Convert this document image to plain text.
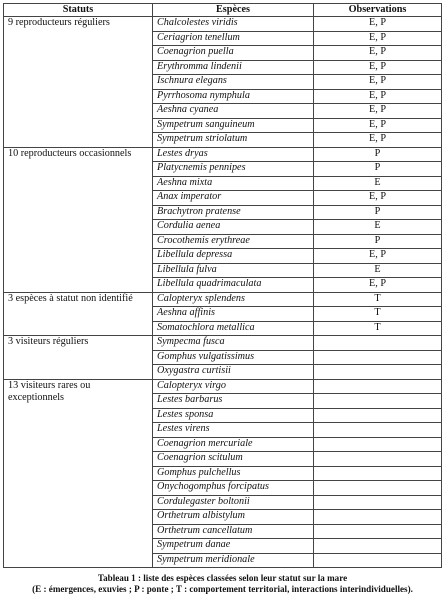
Statuts	Espèces	Observations
9 reproducteurs réguliers	Chalcolestes viridis	E, P
	Ceriagrion tenellum	E, P
	Coenagrion puella	E, P
	Erythromma lindenii	E, P
	Ischnura elegans	E, P
	Pyrrhosoma nymphula	E, P
	Aeshna cyanea	E, P
	Sympetrum sanguineum	E, P
	Sympetrum striolatum	E, P
10 reproducteurs occasionnels	Lestes dryas	P
	Platycnemis pennipes	P
	Aeshna mixta	E
	Anax imperator	E, P
	Brachytron pratense	P
	Cordulia aenea	E
	Crocothemis erythreae	P
	Libellula depressa	E, P
	Libellula fulva	E
	Libellula quadrimaculata	E, P
3 espèces à statut non identifié	Calopteryx splendens	T
	Aeshna affinis	T
	Somatochlora metallica	T
3 visiteurs réguliers	Sympecma fusca	
	Gomphus vulgatissimus	
	Oxygastra curtisii	
13 visiteurs rares ou exceptionnels	Calopteryx virgo	
	Lestes barbarus	
	Lestes sponsa	
	Lestes virens	
	Coenagrion mercuriale	
	Coenagrion scitulum	
	Gomphus pulchellus	
	Onychogomphus forcipatus	
	Cordulegaster boltonii	
	Orthetrum albistylum	
	Orthetrum cancellatum	
	Sympetrum danae	
	Sympetrum meridionale	
Tableau 1 : liste des espèces classées selon leur statut sur la mare
(E : émergences, exuvies ; P : ponte ; T : comportement territorial, interactions interindividuelles).
